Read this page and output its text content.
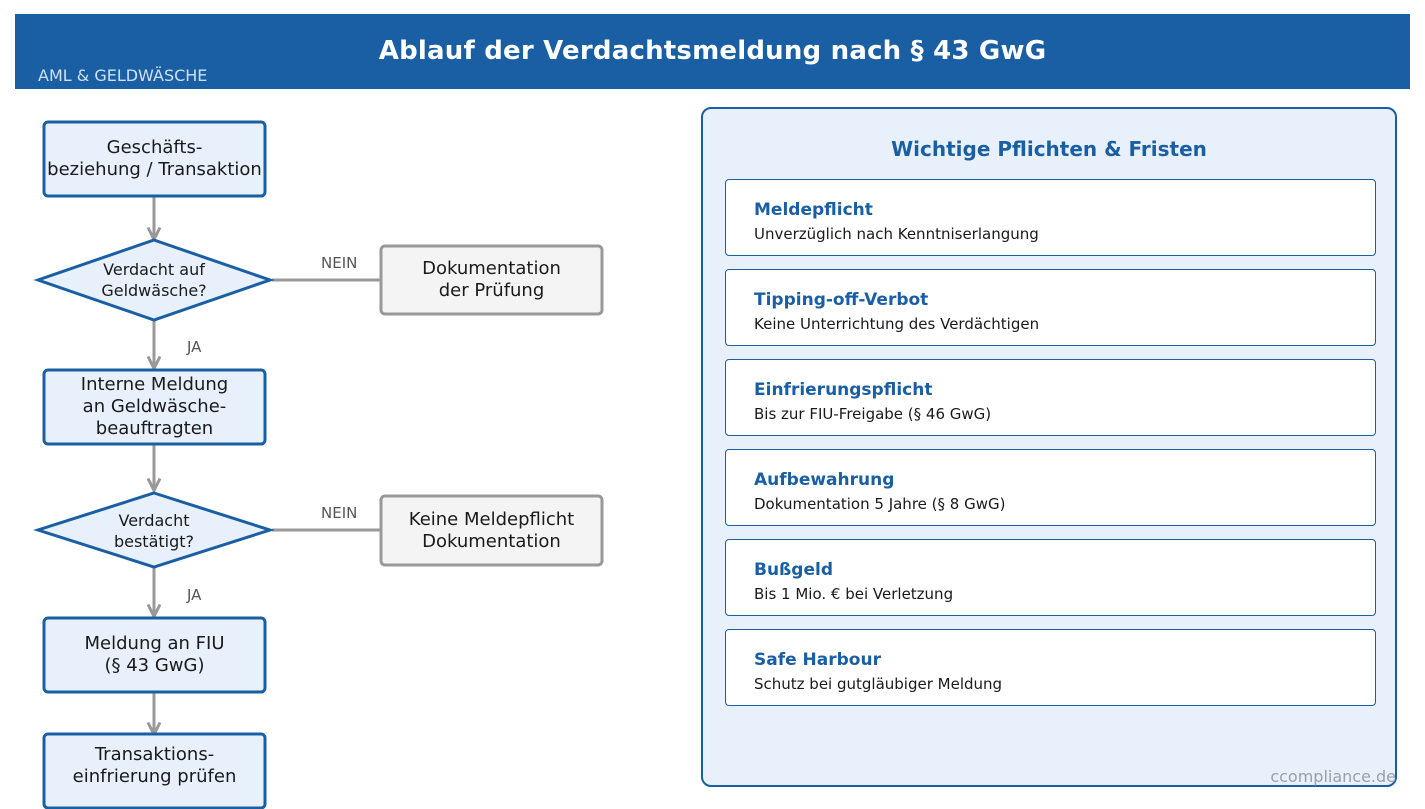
Ablauf der Verdachtsmeldung nach § 43 GwG
AML & GELDWÄSCHE
Geschäfts-
beziehung / Transaktion
Verdacht auf
Geldwäsche?
Dokumentation
der Prüfung
Interne Meldung
an Geldwäsche-
beauftragten
Verdacht
bestätigt?
Keine Meldepflicht
Dokumentation
Meldung an FIU
(§ 43 GwG)
Transaktions-
einfrierung prüfen
NEIN
JA
NEIN
JA
Wichtige Pflichten & Fristen
Meldepflicht
Unverzüglich nach Kenntniserlangung
Tipping-off-Verbot
Keine Unterrichtung des Verdächtigen
Einfrierungspflicht
Bis zur FIU-Freigabe (§ 46 GwG)
Aufbewahrung
Dokumentation 5 Jahre (§ 8 GwG)
Bußgeld
Bis 1 Mio. € bei Verletzung
Safe Harbour
Schutz bei gutgläubiger Meldung
ccompliance.de
